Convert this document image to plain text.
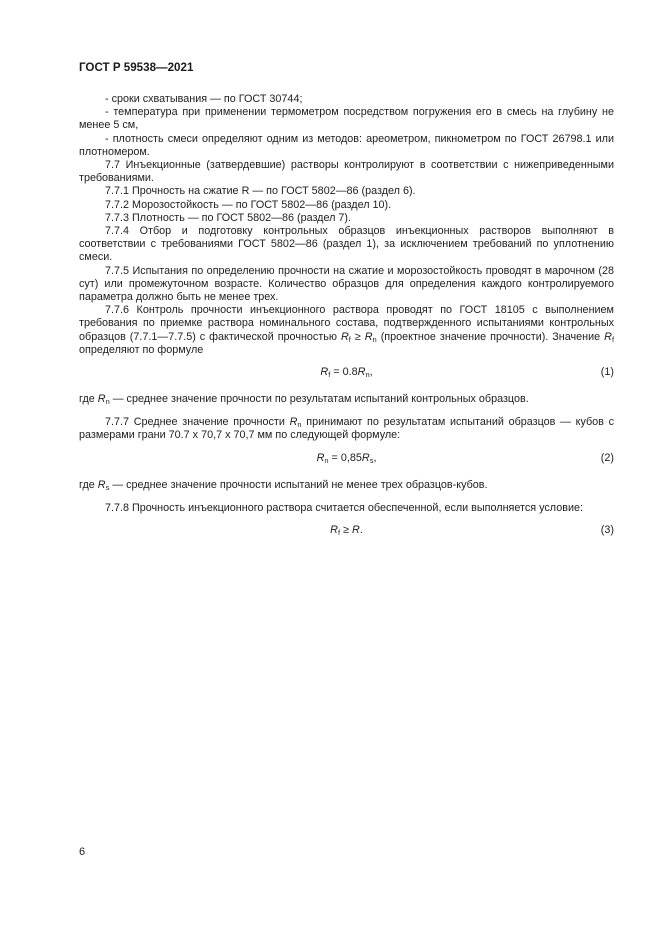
ГОСТ Р 59538—2021

- сроки схватывания — по ГОСТ 30744;

- температура при применении термометром посредством погружения его в смесь на глубину не менее 5 см,

- плотность смеси определяют одним из методов: ареометром, пикнометром по ГОСТ 26798.1 или плотномером.

7.7 Инъекционные (затвердевшие) растворы контролируют в соответствии с нижеприведенными требованиями.

7.7.1 Прочность на сжатие R — по ГОСТ 5802—86 (раздел 6).

7.7.2 Морозостойкость — по ГОСТ 5802—86 (раздел 10).

7.7.3 Плотность — по ГОСТ 5802—86 (раздел 7).

7.7.4 Отбор и подготовку контрольных образцов инъекционных растворов выполняют в соответствии с требованиями ГОСТ 5802—86 (раздел 1), за исключением требований по уплотнению смеси.

7.7.5 Испытания по определению прочности на сжатие и морозостойкость проводят в марочном (28 сут) или промежуточном возрасте. Количество образцов для определения каждого контролируемого параметра должно быть не менее трех.

7.7.6 Контроль прочности инъекционного раствора проводят по ГОСТ 18105 с выполнением требования по приемке раствора номинального состава, подтвержденного испытаниями контрольных образцов (7.7.1—7.7.5) с фактической прочностью $R_f \ge R_n$ (проектное значение прочности). Значение $R_f$ определяют по формуле

$R_f = 0.8R_n$,	(1)

где $R_n$ — среднее значение прочности по результатам испытаний контрольных образцов.

7.7.7 Среднее значение прочности $R_n$ принимают по результатам испытаний образцов — кубов с размерами грани 70.7 х 70,7 х 70,7 мм по следующей формуле:

$R_n = 0,85R_s$,	(2)

где $R_s$ — среднее значение прочности испытаний не менее трех образцов-кубов.

7.7.8 Прочность инъекционного раствора считается обеспеченной, если выполняется условие:

$R_f \ge R$.	(3)
6
